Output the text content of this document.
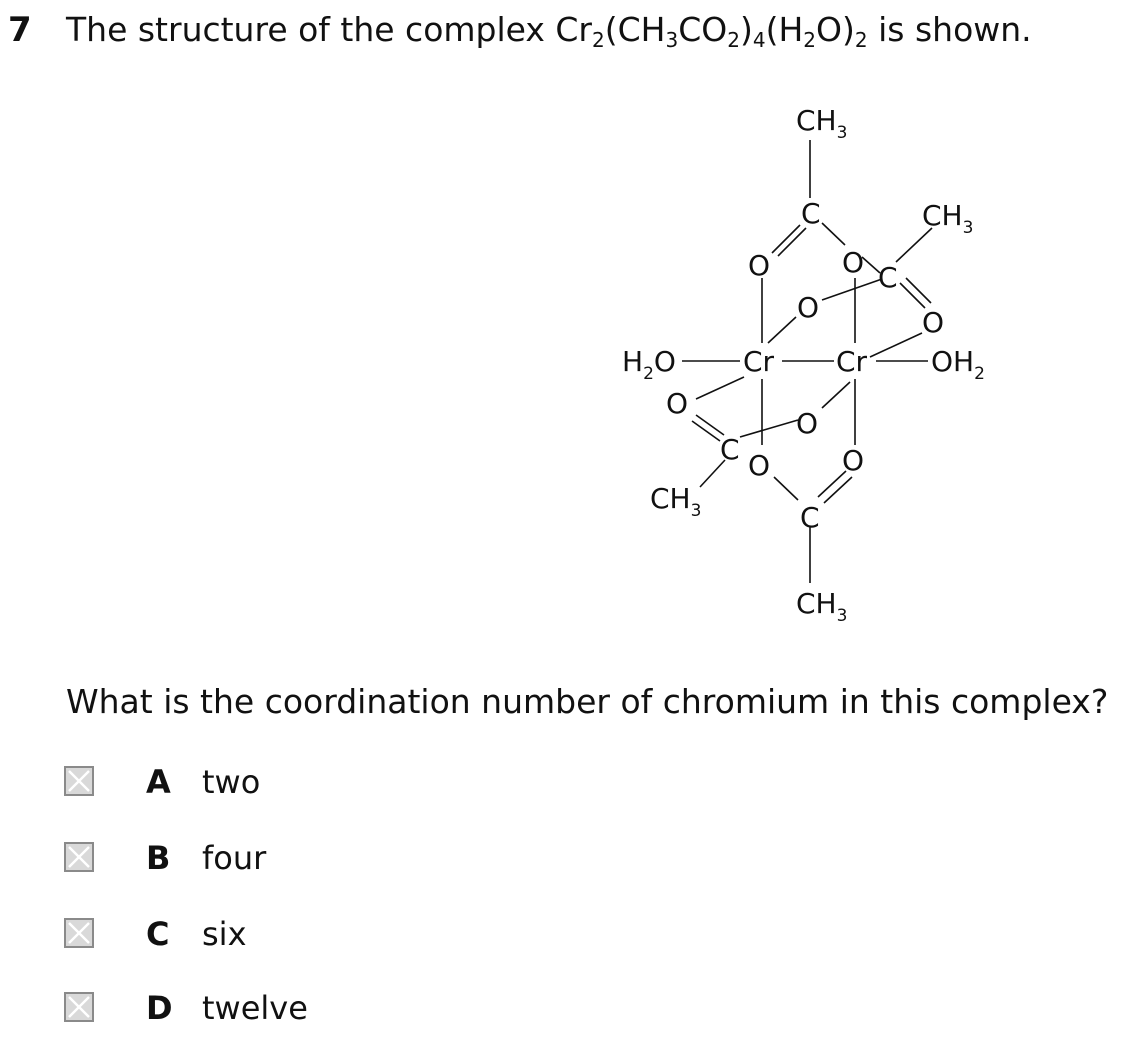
7 The structure of the complex $Cr_2(CH_3CO_2)_4(H_2O)_2$ is shown.
$CH_3$
C
O	O
$CH_3$
C
O	O
$H_2O$ Cr Cr $OH_2$
O
O
C O	O
$CH_3$	C
$CH_3$
What is the coordination number of chromium in this complex?
A two
B four
C six
D twelve
